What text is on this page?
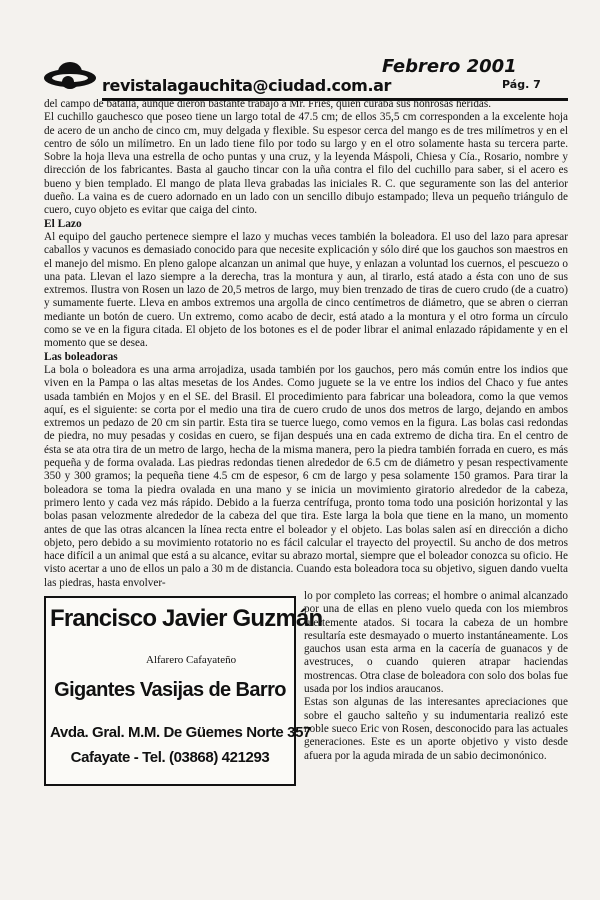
revistalagauchita@ciudad.com.ar
Febrero 2001
Pág. 7

del campo de batalla, aunque dieron bastante trabajo a Mr. Fries, quien curaba sus honrosas heridas.

El cuchillo gauchesco que poseo tiene un largo total de 47.5 cm; de ellos 35,5 cm corresponden a la excelente hoja de acero de un ancho de cinco cm, muy delgada y flexible. Su espesor cerca del mango es de tres milímetros y en el centro de sólo un milímetro. En un lado tiene filo por todo su largo y en el otro solamente hasta su tercera parte. Sobre la hoja lleva una estrella de ocho puntas y una cruz, y la leyenda Máspoli, Chiesa y Cía., Rosario, nombre y dirección de los fabricantes. Basta al gaucho tincar con la uña contra el filo del cuchillo para saber, si el acero es bueno y bien templado. El mango de plata lleva grabadas las iniciales R. C. que seguramente son las del anterior dueño. La vaina es de cuero adornado en un lado con un sencillo dibujo estampado; lleva un pequeño triángulo de cuero, cuyo objeto es evitar que caiga del cinto.

El Lazo

Al equipo del gaucho pertenece siempre el lazo y muchas veces también la boleadora. El uso del lazo para apresar caballos y vacunos es demasiado conocido para que necesite explicación y sólo diré que los gauchos son maestros en el manejo del mismo. En pleno galope alcanzan un animal que huye, y enlazan a voluntad los cuernos, el pescuezo o una pata. Llevan el lazo siempre a la derecha, tras la montura y aun, al tirarlo, está atado a ésta con uno de sus extremos. Ilustra von Rosen un lazo de 20,5 metros de largo, muy bien trenzado de tiras de cuero crudo (de a cuatro) y sumamente fuerte. Lleva en ambos extremos una argolla de cinco centímetros de diámetro, que se abren o cierran mediante un botón de cuero. Un extremo, como acabo de decir, está atado a la montura y el otro forma un círculo como se ve en la figura citada. El objeto de los botones es el de poder librar el animal enlazado rápidamente y en el momento que se desea.

Las boleadoras

La bola o boleadora es una arma arrojadiza, usada también por los gauchos, pero más común entre los indios que viven en la Pampa o las altas mesetas de los Andes. Como juguete se la ve entre los indios del Chaco y fue antes usada también en Mojos y en el SE. del Brasil. El procedimiento para fabricar una boleadora, como la que vemos aquí, es el siguiente: se corta por el medio una tira de cuero crudo de unos dos metros de largo, dejando en ambos extremos un pedazo de 20 cm sin partir. Esta tira se tuerce luego, como vemos en la figura. Las bolas casi redondas de piedra, no muy pesadas y cosidas en cuero, se fijan después una en cada extremo de dicha tira. En el centro de ésta se ata otra tira de un metro de largo, hecha de la misma manera, pero la piedra también forrada en cuero, es más pequeña y de forma ovalada. Las piedras redondas tienen alrededor de 6.5 cm de diámetro y pesan respectivamente 350 y 300 gramos; la pequeña tiene 4.5 cm de espesor, 6 cm de largo y pesa solamente 150 gramos. Para tirar la boleadora se toma la piedra ovalada en una mano y se inicia un movimiento giratorio alrededor de la cabeza, primero lento y cada vez más rápido. Debido a la fuerza centrífuga, pronto toma todo una posición horizontal y las bolas pasan velozmente alrededor de la cabeza del que tira. Este larga la bola que tiene en la mano, un momento antes de que las otras alcancen la línea recta entre el boleador y el objeto. Las bolas salen así en dirección a dicho objeto, pero debido a su movimiento rotatorio no es fácil calcular el trayecto del proyectil. Su ancho de dos metros hace difícil a un animal que está a su alcance, evitar su abrazo mortal, siempre que el boleador conozca su oficio. He visto acertar a uno de ellos un palo a 30 m de distancia. Cuando esta boleadora toca su objetivo, siguen dando vuelta las piedras, hasta envolver-

Francisco Javier Guzmán
Alfarero Cafayateño
Gigantes Vasijas de Barro
Avda. Gral. M.M. De Güemes Norte 357
Cafayate - Tel. (03868) 421293

lo por completo las correas; el hombre o animal alcanzado por una de ellas en pleno vuelo queda con los miembros fuertemente atados. Si tocara la cabeza de un hombre resultaría este desmayado o muerto instantáneamente. Los gauchos usan esta arma en la cacería de guanacos y de avestruces, o cuando quieren atrapar haciendas mostrencas. Otra clase de boleadora con solo dos bolas fue usada por los indios araucanos.

Estas son algunas de las interesantes apreciaciones que sobre el gaucho salteño y su indumentaria realizó este noble sueco Eric von Rosen, desconocido para las actuales generaciones. Este es un aporte objetivo y visto desde afuera por la aguda mirada de un sabio decimonónico.
